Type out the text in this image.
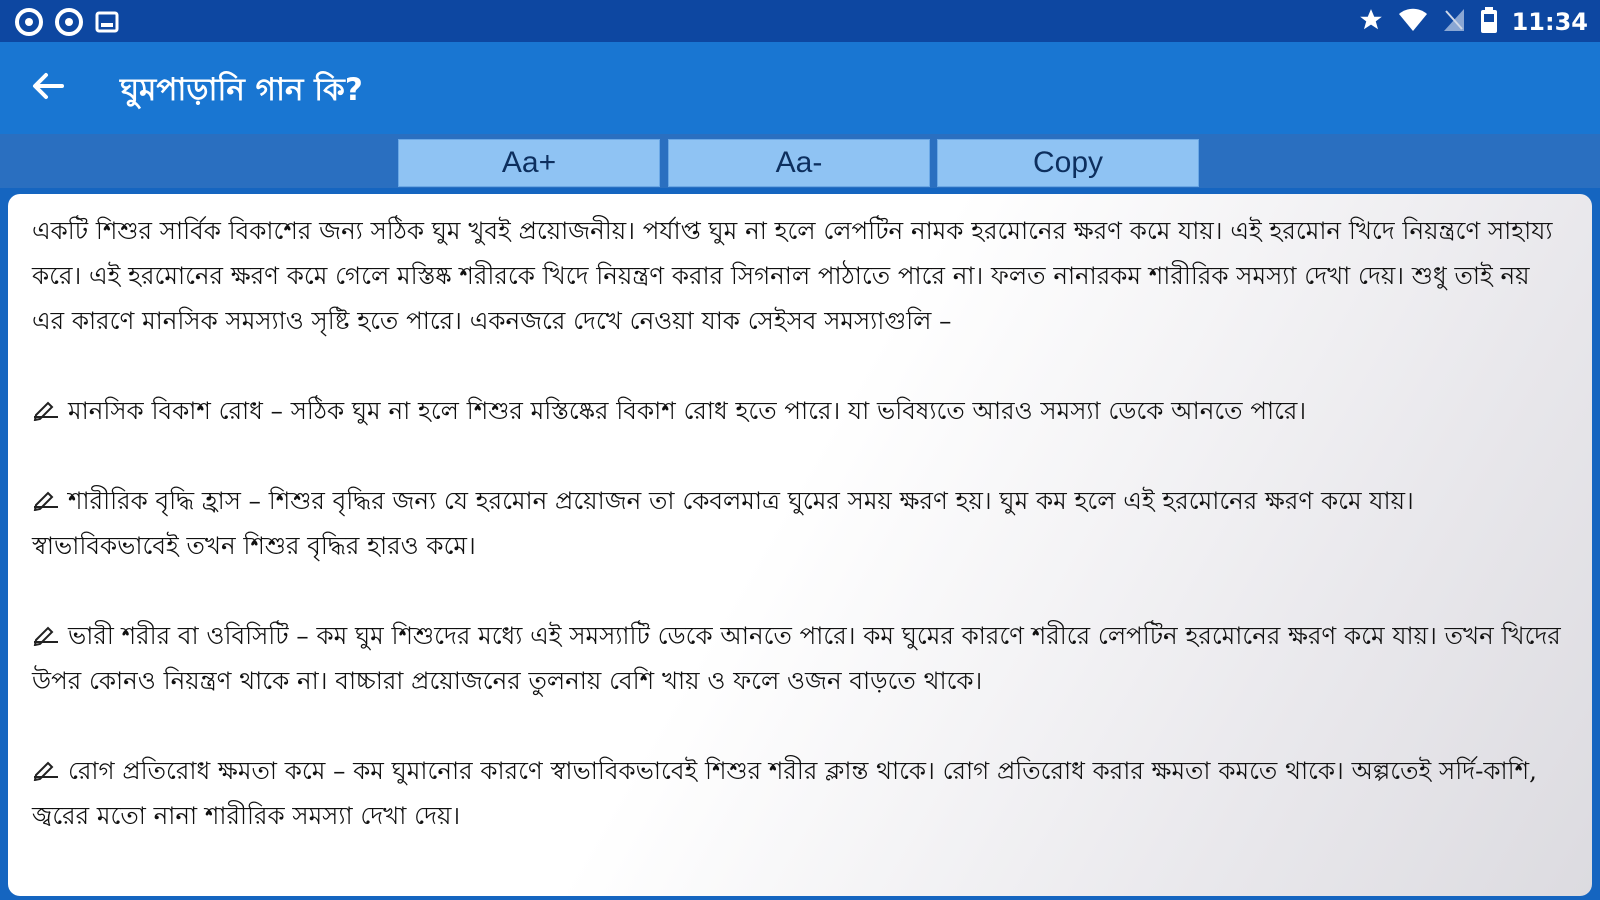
11:34
ঘুমপাড়ানি গান কি?
Aa+	Aa-	Copy

একটি শিশুর সার্বিক বিকাশের জন্য সঠিক ঘুম খুবই প্রয়োজনীয়। পর্যাপ্ত ঘুম না হলে লেপটিন নামক হরমোনের ক্ষরণ কমে যায়। এই হরমোন খিদে নিয়ন্ত্রণে সাহায্য করে। এই হরমোনের ক্ষরণ কমে গেলে মস্তিষ্ক শরীরকে খিদে নিয়ন্ত্রণ করার সিগনাল পাঠাতে পারে না। ফলত নানারকম শারীরিক সমস্যা দেখা দেয়। শুধু তাই নয় এর কারণে মানসিক সমস্যাও সৃষ্টি হতে পারে। একনজরে দেখে নেওয়া যাক সেইসব সমস্যাগুলি –

মানসিক বিকাশ রোধ – সঠিক ঘুম না হলে শিশুর মস্তিষ্কের বিকাশ রোধ হতে পারে। যা ভবিষ্যতে আরও সমস্যা ডেকে আনতে পারে।

শারীরিক বৃদ্ধি হ্রাস – শিশুর বৃদ্ধির জন্য যে হরমোন প্রয়োজন তা কেবলমাত্র ঘুমের সময় ক্ষরণ হয়। ঘুম কম হলে এই হরমোনের ক্ষরণ কমে যায়। স্বাভাবিকভাবেই তখন শিশুর বৃদ্ধির হারও কমে।

ভারী শরীর বা ওবিসিটি – কম ঘুম শিশুদের মধ্যে এই সমস্যাটি ডেকে আনতে পারে। কম ঘুমের কারণে শরীরে লেপটিন হরমোনের ক্ষরণ কমে যায়। তখন খিদের উপর কোনও নিয়ন্ত্রণ থাকে না। বাচ্চারা প্রয়োজনের তুলনায় বেশি খায় ও ফলে ওজন বাড়তে থাকে।

রোগ প্রতিরোধ ক্ষমতা কমে – কম ঘুমানোর কারণে স্বাভাবিকভাবেই শিশুর শরীর ক্লান্ত থাকে। রোগ প্রতিরোধ করার ক্ষমতা কমতে থাকে। অল্পতেই সর্দি-কাশি, জ্বরের মতো নানা শারীরিক সমস্যা দেখা দেয়।
